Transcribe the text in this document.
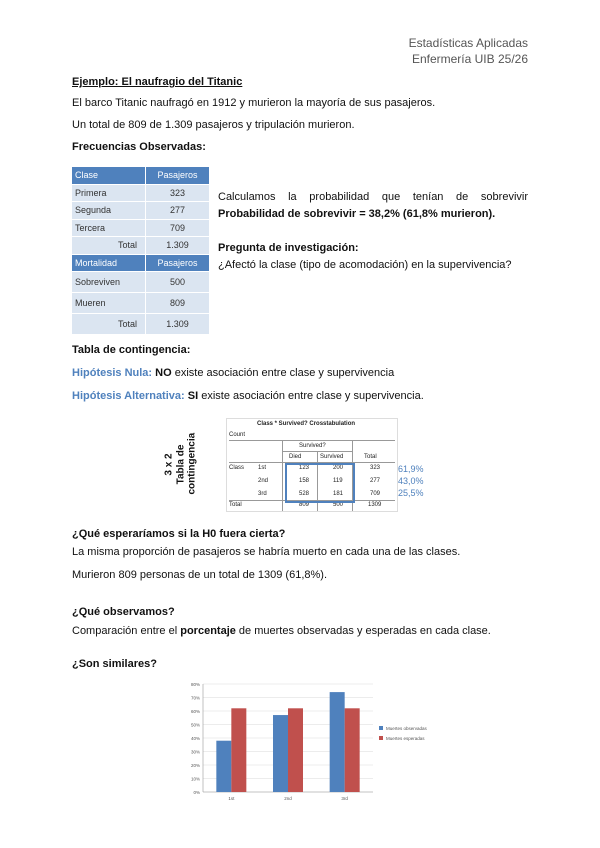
Estadísticas Aplicadas
Enfermería UIB 25/26
Ejemplo: El naufragio del Titanic
El barco Titanic naufragó en 1912 y murieron la mayoría de sus pasajeros.
Un total de 809 de 1.309 pasajeros y tripulación murieron.
Frecuencias Observadas:
Clase	Pasajeros
Primera	323
Segunda	277
Tercera	709
Total	1.309
Mortalidad	Pasajeros
Sobreviven	500
Mueren	809
Total	1.309
Calculamos la probabilidad que tenían de sobrevivir
Probabilidad de sobrevivir = 38,2% (61,8% murieron).
Pregunta de investigación:
¿Afectó la clase (tipo de acomodación) en la supervivencia?
Tabla de contingencia:
Hipótesis Nula: NO existe asociación entre clase y supervivencia
Hipótesis Alternativa: SI existe asociación entre clase y supervivencia.
3 x 2 Tabla de contingencia
Class * Survived? Crosstabulation
Count
Survived?
Died	Survived	Total
Class 1st	123	200	323
2nd	158	119	277
3rd	528	181	709
Total	809	500	1309
61,9%
43,0%
25,5%
¿Qué esperaríamos si la H0 fuera cierta?
La misma proporción de pasajeros se habría muerto en cada una de las clases.
Murieron 809 personas de un total de 1309 (61,8%).
¿Qué observamos?
Comparación entre el porcentaje de muertes observadas y esperadas en cada clase.
¿Son similares?
0%
10%
20%
30%
40%
50%
60%
70%
80%
1st	2nd	3rd
Muertes observadas
Muertes esperadas
